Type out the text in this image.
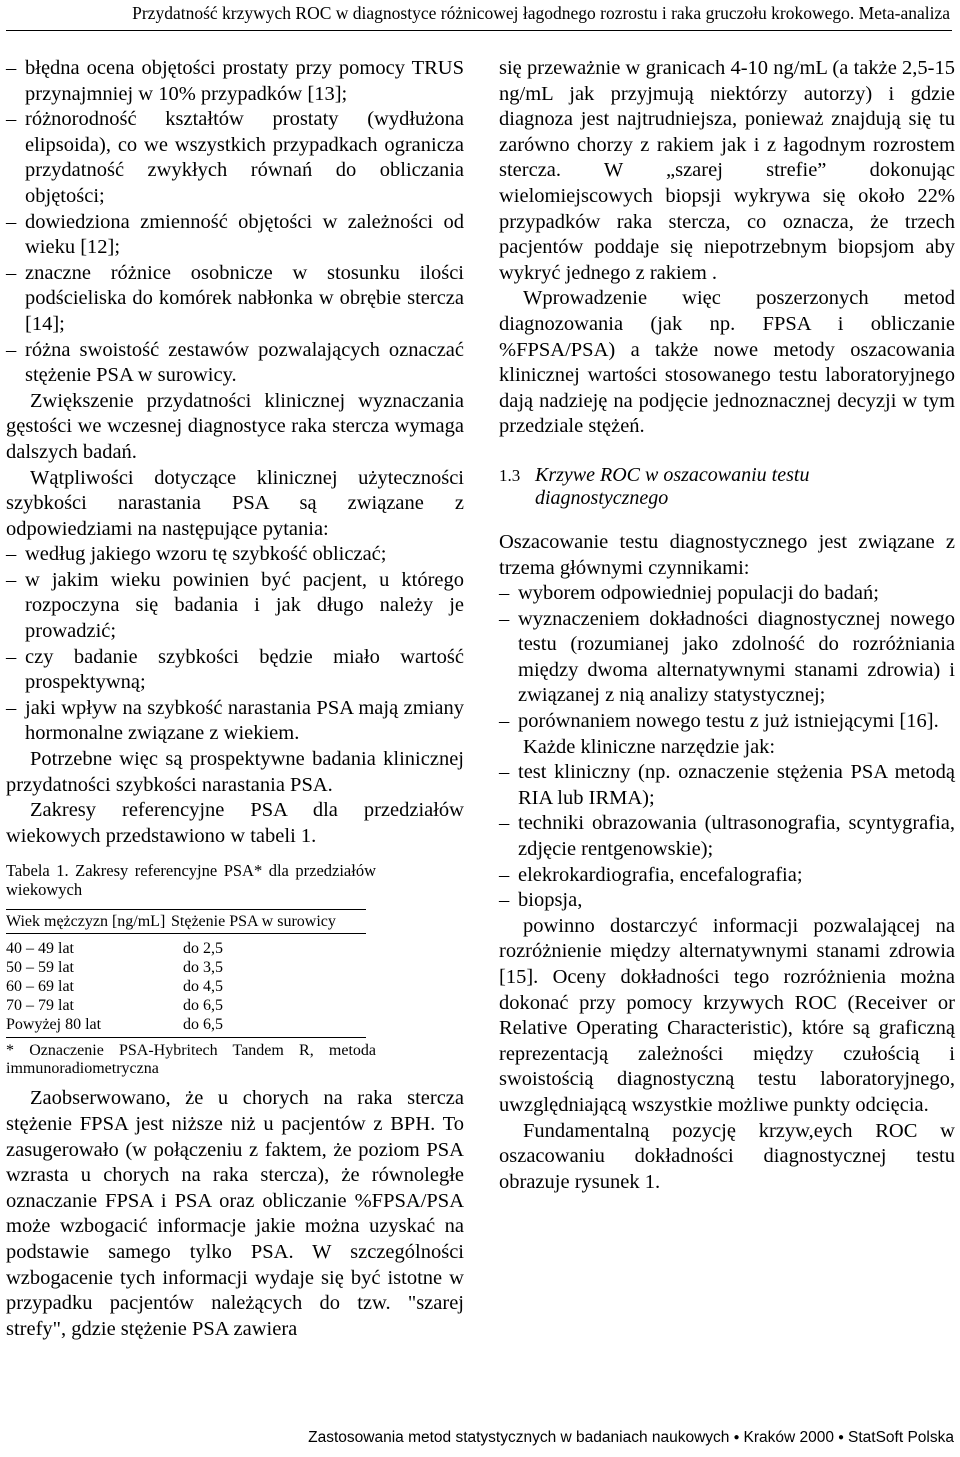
Przydatność krzywych ROC w diagnostyce różnicowej łagodnego rozrostu i raka gruczołu krokowego. Meta-analiza
– błędna ocena objętości prostaty przy pomocy TRUS przynajmniej w 10% przypadków [13];
– różnorodność kształtów prostaty (wydłużona elipsoida), co we wszystkich przypadkach ogranicza przydatność zwykłych równań do obliczania objętości;
– dowiedziona zmienność objętości w zależności od wieku [12];
– znaczne różnice osobnicze w stosunku ilości podścieliska do komórek nabłonka w obrębie stercza [14];
– różna swoistość zestawów pozwalających oznaczać stężenie PSA w surowicy.

Zwiększenie przydatności klinicznej wyznaczania gęstości we wczesnej diagnostyce raka stercza wymaga dalszych badań.

Wątpliwości dotyczące klinicznej użyteczności szybkości narastania PSA są związane z odpowiedziami na następujące pytania:

– według jakiego wzoru tę szybkość obliczać;
– w jakim wieku powinien być pacjent, u którego rozpoczyna się badania i jak długo należy je prowadzić;
– czy badanie szybkości będzie miało wartość prospektywną;
– jaki wpływ na szybkość narastania PSA mają zmiany hormonalne związane z wiekiem.

Potrzebne więc są prospektywne badania klinicznej przydatności szybkości narastania PSA.

Zakresy referencyjne PSA dla przedziałów wiekowych przedstawiono w tabeli 1.

Tabela 1. Zakresy referencyjne PSA* dla przedziałów wiekowych
Wiek mężczyzn [ng/mL]	Stężenie PSA w surowicy
40 – 49 lat	do 2,5
50 – 59 lat	do 3,5
60 – 69 lat	do 4,5
70 – 79 lat	do 6,5
Powyżej 80 lat	do 6,5
* Oznaczenie PSA-Hybritech Tandem R, metoda immunoradiometryczna

Zaobserwowano, że u chorych na raka stercza stężenie FPSA jest niższe niż u pacjentów z BPH. To zasugerowało (w połączeniu z faktem, że poziom PSA wzrasta u chorych na raka stercza), że równoległe oznaczanie FPSA i PSA oraz obliczanie %FPSA/PSA może wzbogacić informacje jakie można uzyskać na podstawie samego tylko PSA. W szczególności wzbogacenie tych informacji wydaje się być istotne w przypadku pacjentów należących do tzw. "szarej strefy", gdzie stężenie PSA zawiera

się przeważnie w granicach 4-10 ng/mL (a także 2,5-15 ng/mL jak przyjmują niektórzy autorzy) i gdzie diagnoza jest najtrudniejsza, ponieważ znajdują się tu zarówno chorzy z rakiem jak i z łagodnym rozrostem stercza. W „szarej strefie” dokonując wielomiejscowych biopsji wykrywa się około 22% przypadków raka stercza, co oznacza, że trzech pacjentów poddaje się niepotrzebnym biopsjom aby wykryć jednego z rakiem .

Wprowadzenie więc poszerzonych metod diagnozowania (jak np. FPSA i obliczanie %FPSA/PSA) a także nowe metody oszacowania klinicznej wartości stosowanego testu laboratoryjnego dają nadzieję na podjęcie jednoznacznej decyzji w tym przedziale stężeń.

1.3 Krzywe ROC w oszacowaniu testu diagnostycznego

Oszacowanie testu diagnostycznego jest związane z trzema głównymi czynnikami:

– wyborem odpowiedniej populacji do badań;
– wyznaczeniem dokładności diagnostycznej nowego testu (rozumianej jako zdolność do rozróżniania między dwoma alternatywnymi stanami zdrowia) i związanej z nią analizy statystycznej;
– porównaniem nowego testu z już istniejącymi [16].

Każde kliniczne narzędzie jak:

– test kliniczny (np. oznaczenie stężenia PSA metodą RIA lub IRMA);
– techniki obrazowania (ultrasonografia, scyntygrafia, zdjęcie rentgenowskie);
– elekrokardiografia, encefalografia;
– biopsja,

powinno dostarczyć informacji pozwalającej na rozróżnienie między alternatywnymi stanami zdrowia [15]. Oceny dokładności tego rozróżnienia można dokonać przy pomocy krzywych ROC (Receiver or Relative Operating Characteristic), które są graficzną reprezentacją zależności między czułością i swoistością diagnostyczną testu laboratoryjnego, uwzględniającą wszystkie możliwe punkty odcięcia.

Fundamentalną pozycję krzyw,eych ROC w oszacowaniu dokładności diagnostycznej testu obrazuje rysunek 1.

Zastosowania metod statystycznych w badaniach naukowych ● Kraków 2000 ● StatSoft Polska
